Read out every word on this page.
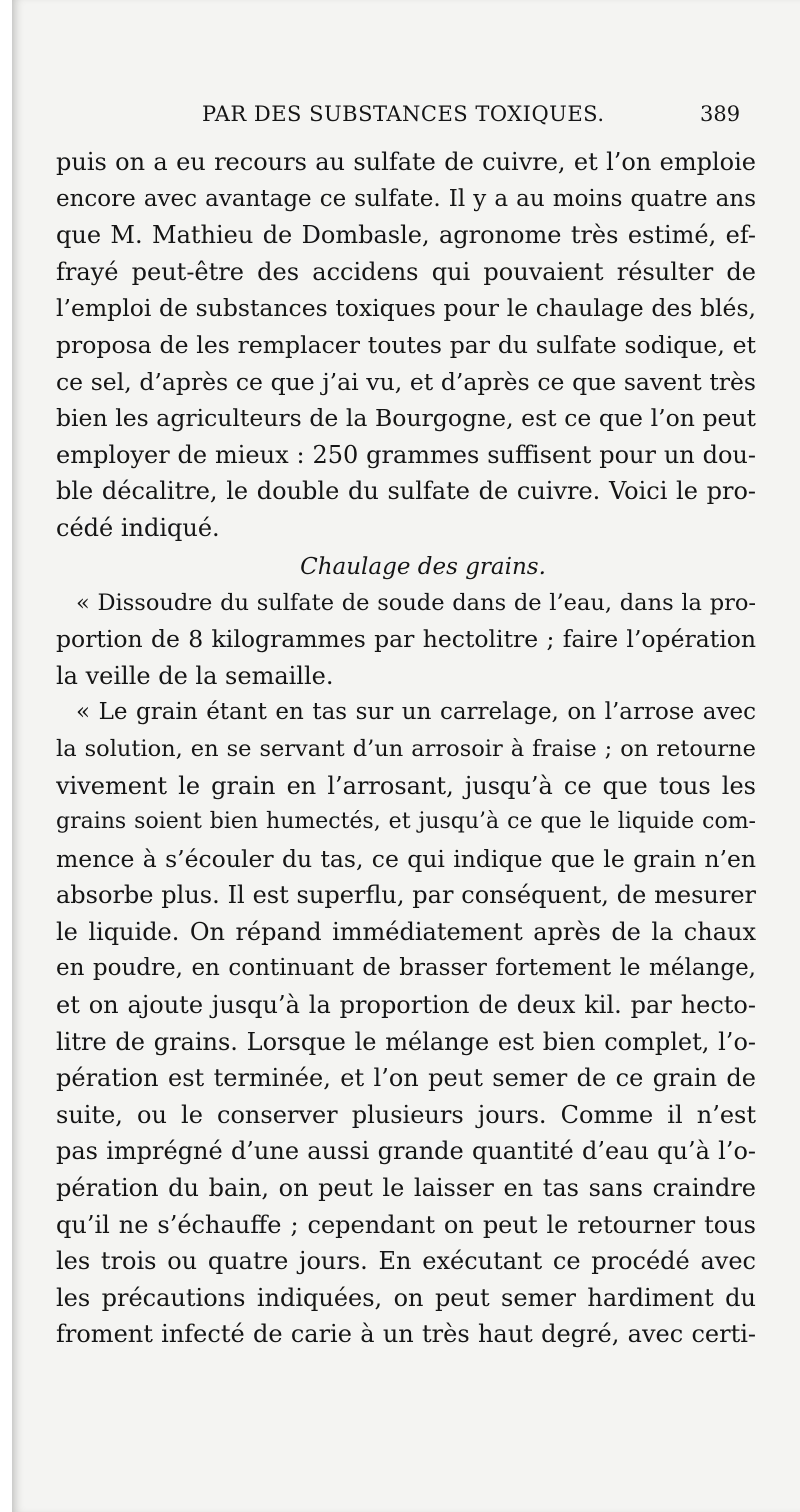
PAR DES SUBSTANCES TOXIQUES.	389
puis on a eu recours au sulfate de cuivre, et l’on emploie
encore avec avantage ce sulfate. Il y a au moins quatre ans
que M. Mathieu de Dombasle, agronome très estimé, ef-
frayé peut-être des accidens qui pouvaient résulter de
l’emploi de substances toxiques pour le chaulage des blés,
proposa de les remplacer toutes par du sulfate sodique, et
ce sel, d’après ce que j’ai vu, et d’après ce que savent très
bien les agriculteurs de la Bourgogne, est ce que l’on peut
employer de mieux : 250 grammes suffisent pour un dou-
ble décalitre, le double du sulfate de cuivre. Voici le pro-
cédé indiqué.
Chaulage des grains.
« Dissoudre du sulfate de soude dans de l’eau, dans la pro-
portion de 8 kilogrammes par hectolitre ; faire l’opération
la veille de la semaille.
« Le grain étant en tas sur un carrelage, on l’arrose avec
la solution, en se servant d’un arrosoir à fraise ; on retourne
vivement le grain en l’arrosant, jusqu’à ce que tous les
grains soient bien humectés, et jusqu’à ce que le liquide com-
mence à s’écouler du tas, ce qui indique que le grain n’en
absorbe plus. Il est superflu, par conséquent, de mesurer
le liquide. On répand immédiatement après de la chaux
en poudre, en continuant de brasser fortement le mélange,
et on ajoute jusqu’à la proportion de deux kil. par hecto-
litre de grains. Lorsque le mélange est bien complet, l’o-
pération est terminée, et l’on peut semer de ce grain de
suite, ou le conserver plusieurs jours. Comme il n’est
pas imprégné d’une aussi grande quantité d’eau qu’à l’o-
pération du bain, on peut le laisser en tas sans craindre
qu’il ne s’échauffe ; cependant on peut le retourner tous
les trois ou quatre jours. En exécutant ce procédé avec
les précautions indiquées, on peut semer hardiment du
froment infecté de carie à un très haut degré, avec certi-
